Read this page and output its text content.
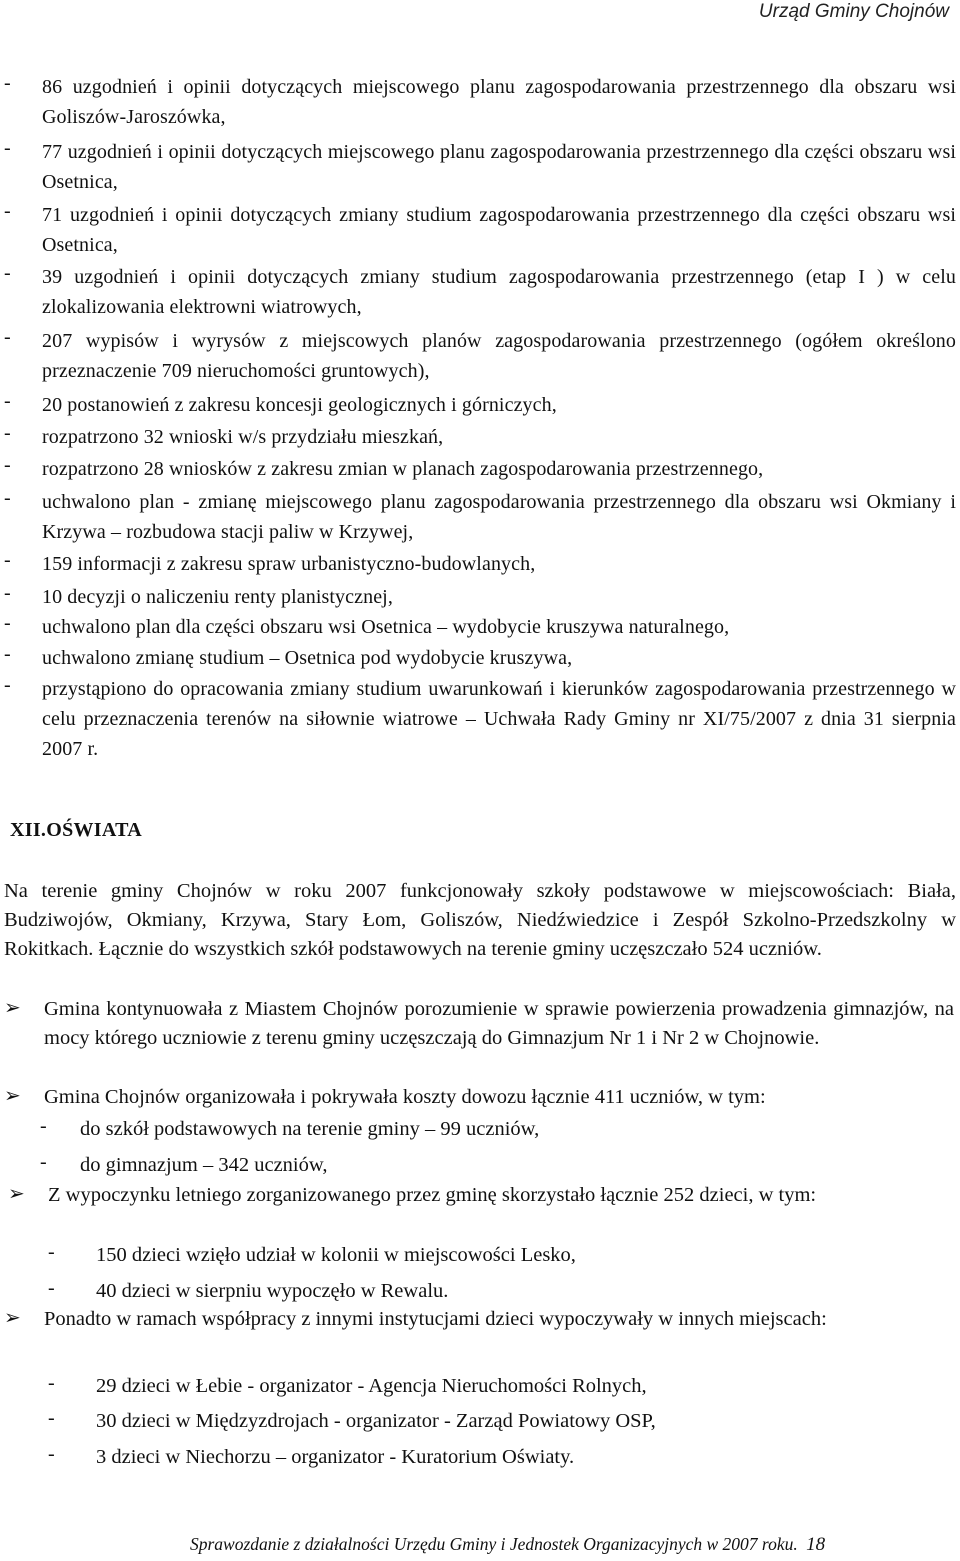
Urząd Gminy Chojnów
-	86 uzgodnień i opinii dotyczących miejscowego planu zagospodarowania przestrzennego dla obszaru wsi Goliszów-Jaroszówka,
-	77 uzgodnień i opinii dotyczących miejscowego planu zagospodarowania przestrzennego dla części obszaru wsi Osetnica,
-	71 uzgodnień i opinii dotyczących zmiany studium zagospodarowania przestrzennego dla części obszaru wsi Osetnica,
-	39 uzgodnień i opinii dotyczących zmiany studium zagospodarowania przestrzennego (etap I ) w celu zlokalizowania elektrowni wiatrowych,
-	207 wypisów i wyrysów z miejscowych planów zagospodarowania przestrzennego (ogółem określono przeznaczenie 709 nieruchomości gruntowych),
-	20 postanowień z zakresu koncesji geologicznych i górniczych,
-	rozpatrzono 32 wnioski w/s przydziału mieszkań,
-	rozpatrzono 28 wniosków z zakresu zmian w planach zagospodarowania przestrzennego,
-	uchwalono plan - zmianę miejscowego planu zagospodarowania przestrzennego dla obszaru wsi Okmiany i Krzywa – rozbudowa stacji paliw w Krzywej,
-	159 informacji z zakresu spraw urbanistyczno-budowlanych,
-	10 decyzji o naliczeniu renty planistycznej,
-	uchwalono plan dla części obszaru wsi Osetnica – wydobycie kruszywa naturalnego,
-	uchwalono zmianę studium – Osetnica pod wydobycie kruszywa,
-	przystąpiono do opracowania zmiany studium uwarunkowań i kierunków zagospodarowania przestrzennego w celu przeznaczenia terenów na siłownie wiatrowe – Uchwała Rady Gminy nr XI/75/2007 z dnia 31 sierpnia 2007 r.
XII.OŚWIATA
Na terenie gminy Chojnów w roku 2007 funkcjonowały szkoły podstawowe w miejscowościach: Biała, Budziwojów, Okmiany, Krzywa, Stary Łom, Goliszów, Niedźwiedzice i Zespół Szkolno-Przedszkolny w Rokitkach. Łącznie do wszystkich szkół podstawowych na terenie gminy uczęszczało 524 uczniów.
➢	Gmina kontynuowała z Miastem Chojnów porozumienie w sprawie powierzenia prowadzenia gimnazjów, na mocy którego uczniowie z terenu gminy uczęszczają do Gimnazjum Nr 1 i Nr 2 w Chojnowie.
➢	Gmina Chojnów organizowała i pokrywała koszty dowozu łącznie 411 uczniów, w tym:
-	do szkół podstawowych na terenie gminy – 99 uczniów,
-	do gimnazjum – 342 uczniów,
➢	Z wypoczynku letniego zorganizowanego przez gminę skorzystało łącznie 252 dzieci, w tym:
-	150 dzieci wzięło udział w kolonii w miejscowości Lesko,
-	40 dzieci w sierpniu wypoczęło w Rewalu.
➢	Ponadto w ramach współpracy z innymi instytucjami dzieci wypoczywały w innych miejscach:
-	29 dzieci w Łebie - organizator - Agencja Nieruchomości Rolnych,
-	30 dzieci w Międzyzdrojach - organizator - Zarząd Powiatowy OSP,
-	3 dzieci w Niechorzu – organizator - Kuratorium Oświaty.
Sprawozdanie z działalności Urzędu Gminy i Jednostek Organizacyjnych w 2007 roku. 18
